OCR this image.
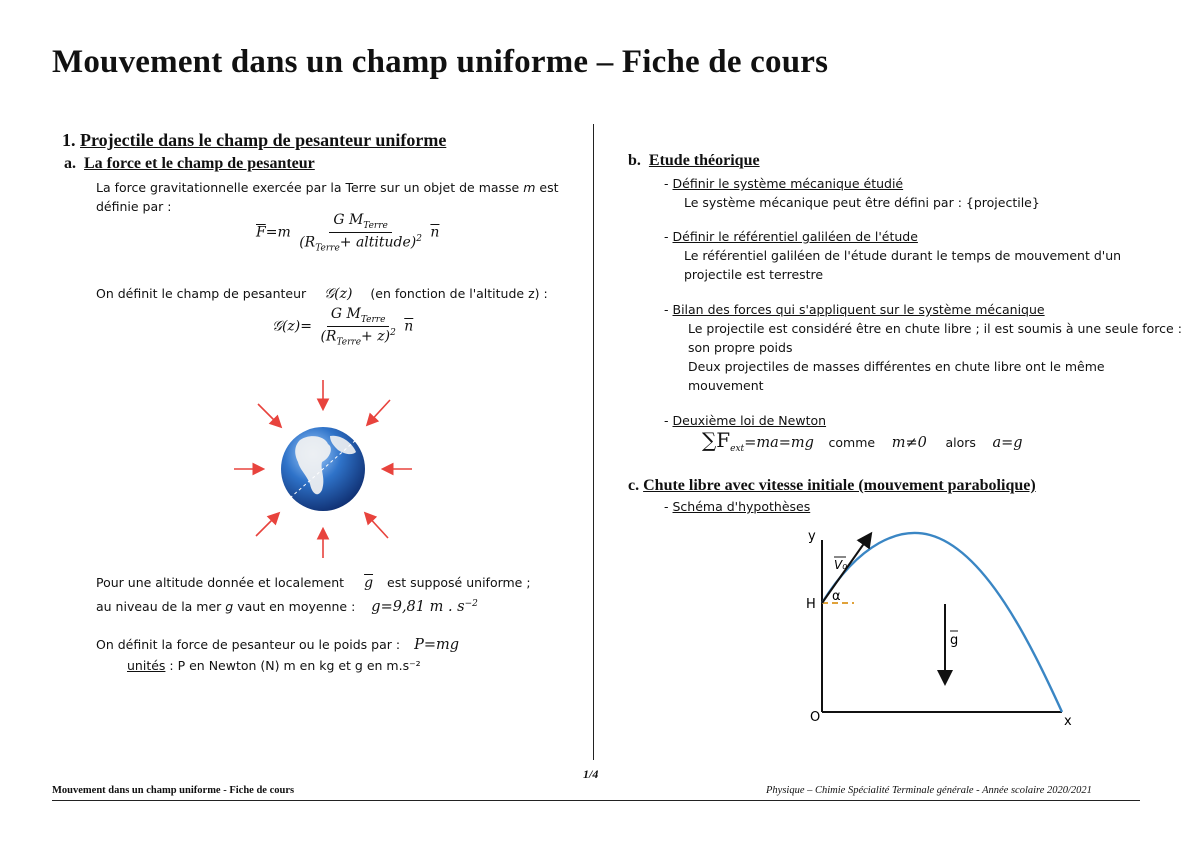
Mouvement dans un champ uniforme – Fiche de cours
1. Projectile dans le champ de pesanteur uniforme
a. La force et le champ de pesanteur
La force gravitationnelle exercée par la Terre sur un objet de masse m est
définie par :
$\overline{F}=m \frac{G M_{Terre}}{(R_{Terre}+ altitude)^2} \overline{n}$
On définit le champ de pesanteur 𝒢(z) (en fonction de l'altitude z) :
𝒢(z)= $\frac{G M_{Terre}}{(R_{Terre}+ z)^2} \overline{n}$
Pour une altitude donnée et localement $\overline{g}$ est supposé uniforme ;
au niveau de la mer g vaut en moyenne : g=9,81 m . $s^{-2}$
On définit la force de pesanteur ou le poids par : P=mg
unités : P en Newton (N) m en kg et g en m.s⁻²
b. Etude théorique
- Définir le système mécanique étudié
Le système mécanique peut être défini par : {projectile}
- Définir le référentiel galiléen de l'étude
Le référentiel galiléen de l'étude durant le temps de mouvement d'un
projectile est terrestre
- Bilan des forces qui s'appliquent sur le système mécanique
Le projectile est considéré être en chute libre ; il est soumis à une seule force :
son propre poids
Deux projectiles de masses différentes en chute libre ont le même
mouvement
- Deuxième loi de Newton
$\sum F_{ext}=ma=mg$ comme m≠0 alors a=g
c. Chute libre avec vitesse initiale (mouvement parabolique)
- Schéma d'hypothèses
y
x
O
H
α
V₀
g
1/4
Mouvement dans un champ uniforme - Fiche de cours	Physique – Chimie Spécialité Terminale générale - Année scolaire 2020/2021
